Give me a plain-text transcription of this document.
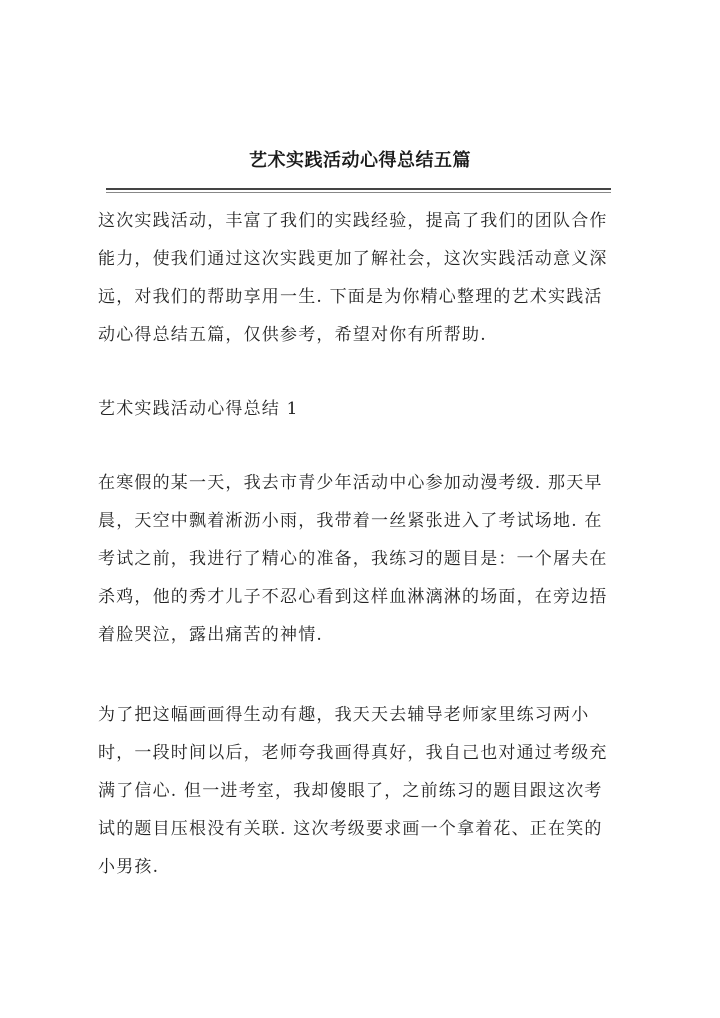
艺术实践活动心得总结五篇
这次实践活动，丰富了我们的实践经验，提高了我们的团队合作
能力，使我们通过这次实践更加了解社会，这次实践活动意义深
远，对我们的帮助享用一生. 下面是为你精心整理的艺术实践活
动心得总结五篇，仅供参考，希望对你有所帮助.
艺术实践活动心得总结 1
在寒假的某一天，我去市青少年活动中心参加动漫考级. 那天早
晨，天空中飘着淅沥小雨，我带着一丝紧张进入了考试场地. 在
考试之前，我进行了精心的准备，我练习的题目是：一个屠夫在
杀鸡，他的秀才儿子不忍心看到这样血淋漓淋的场面，在旁边捂
着脸哭泣，露出痛苦的神情.
为了把这幅画画得生动有趣，我天天去辅导老师家里练习两小
时，一段时间以后，老师夸我画得真好，我自己也对通过考级充
满了信心. 但一进考室，我却傻眼了，之前练习的题目跟这次考
试的题目压根没有关联. 这次考级要求画一个拿着花、正在笑的
小男孩.
